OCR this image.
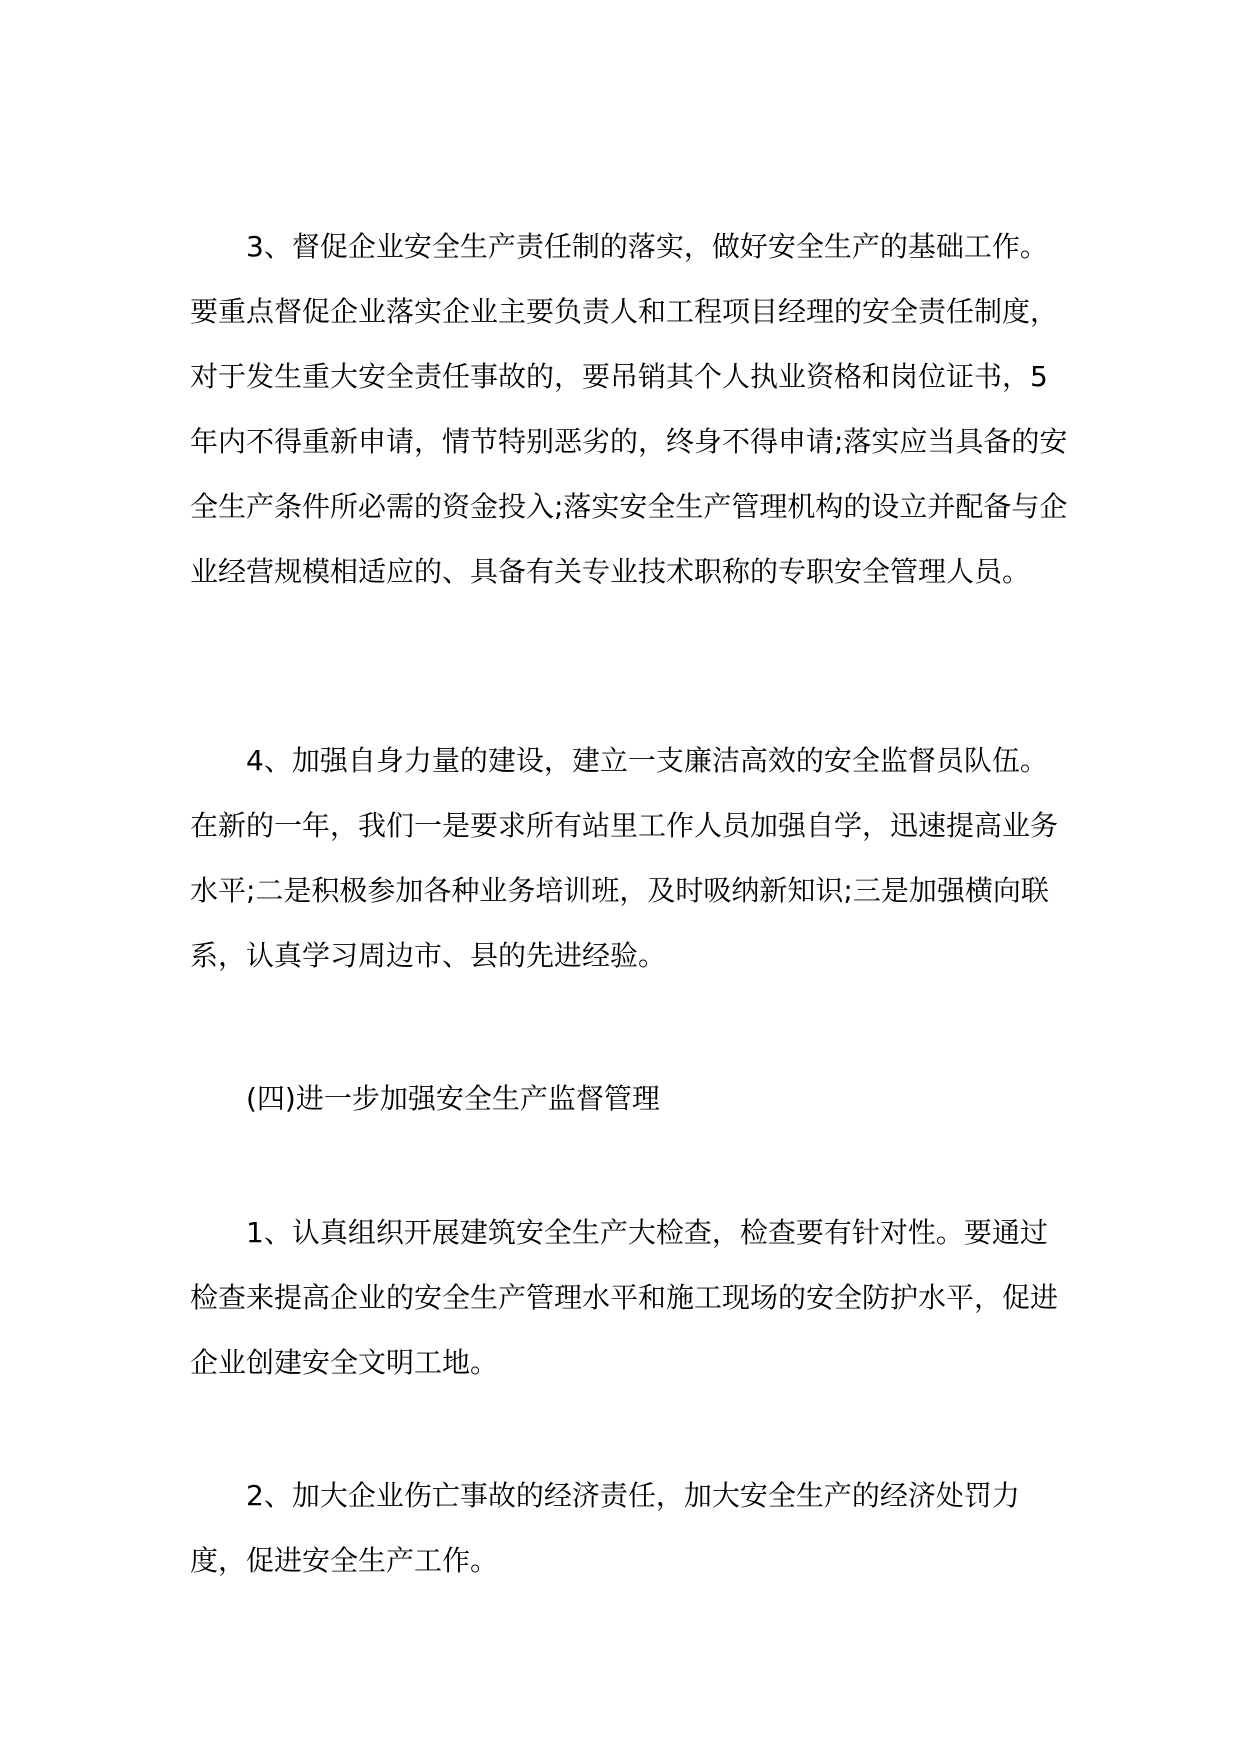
3、督促企业安全生产责任制的落实，做好安全生产的基础工作。要重点督促企业落实企业主要负责人和工程项目经理的安全责任制度，对于发生重大安全责任事故的，要吊销其个人执业资格和岗位证书，5年内不得重新申请，情节特别恶劣的，终身不得申请;落实应当具备的安全生产条件所必需的资金投入;落实安全生产管理机构的设立并配备与企业经营规模相适应的、具备有关专业技术职称的专职安全管理人员。

4、加强自身力量的建设，建立一支廉洁高效的安全监督员队伍。在新的一年，我们一是要求所有站里工作人员加强自学，迅速提高业务水平;二是积极参加各种业务培训班，及时吸纳新知识;三是加强横向联系，认真学习周边市、县的先进经验。

(四)进一步加强安全生产监督管理

1、认真组织开展建筑安全生产大检查，检查要有针对性。要通过检查来提高企业的安全生产管理水平和施工现场的安全防护水平，促进企业创建安全文明工地。

2、加大企业伤亡事故的经济责任，加大安全生产的经济处罚力度，促进安全生产工作。
